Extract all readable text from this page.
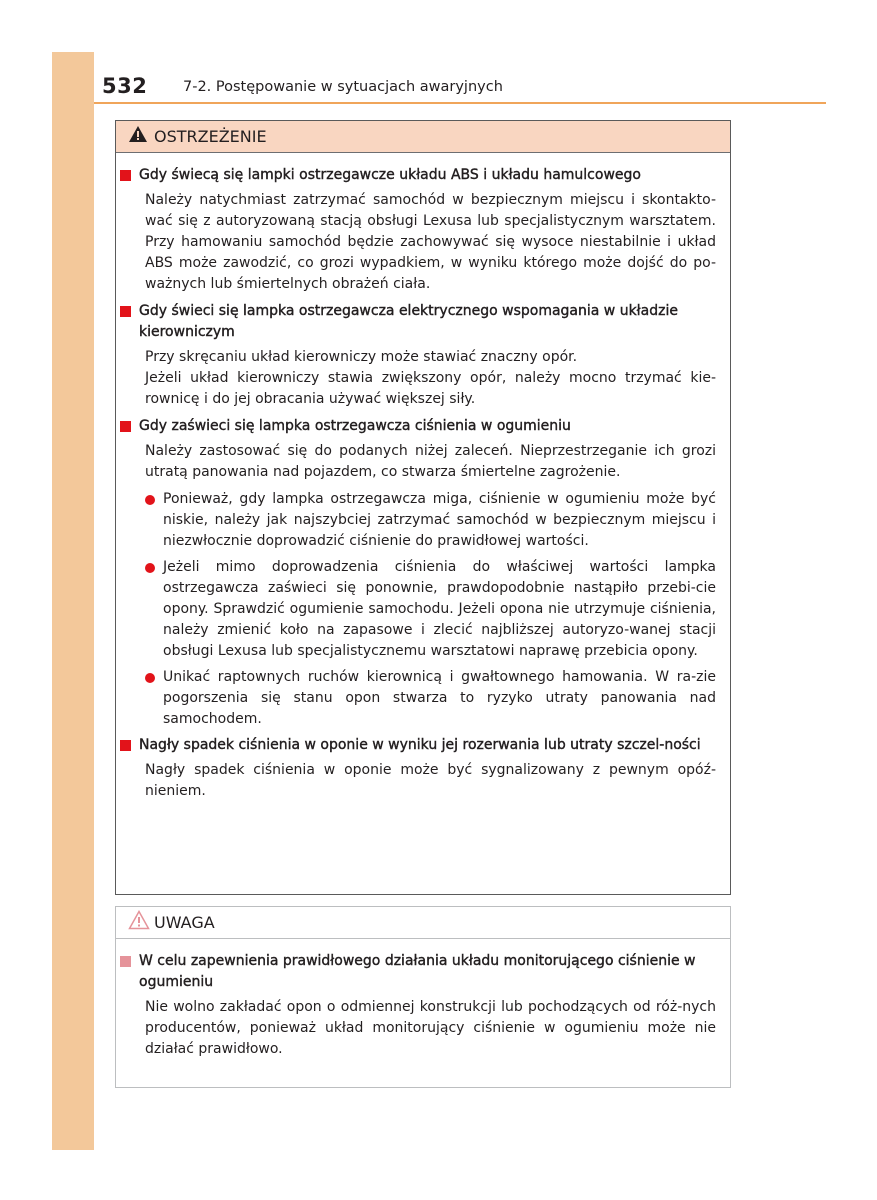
532 7-2. Postępowanie w sytuacjach awaryjnych
OSTRZEŻENIE
Gdy świecą się lampki ostrzegawcze układu ABS i układu hamulcowego
Należy natychmiast zatrzymać samochód w bezpiecznym miejscu i skontakto-wać się z autoryzowaną stacją obsługi Lexusa lub specjalistycznym warsztatem. Przy hamowaniu samochód będzie zachowywać się wysoce niestabilnie i układ ABS może zawodzić, co grozi wypadkiem, w wyniku którego może dojść do po-ważnych lub śmiertelnych obrażeń ciała.
Gdy świeci się lampka ostrzegawcza elektrycznego wspomagania w układzie kierowniczym
Przy skręcaniu układ kierowniczy może stawiać znaczny opór.
Jeżeli układ kierowniczy stawia zwiększony opór, należy mocno trzymać kie-rownicę i do jej obracania używać większej siły.
Gdy zaświeci się lampka ostrzegawcza ciśnienia w ogumieniu
Należy zastosować się do podanych niżej zaleceń. Nieprzestrzeganie ich grozi utratą panowania nad pojazdem, co stwarza śmiertelne zagrożenie.
Ponieważ, gdy lampka ostrzegawcza miga, ciśnienie w ogumieniu może być niskie, należy jak najszybciej zatrzymać samochód w bezpiecznym miejscu i niezwłocznie doprowadzić ciśnienie do prawidłowej wartości.
Jeżeli mimo doprowadzenia ciśnienia do właściwej wartości lampka ostrzegawcza zaświeci się ponownie, prawdopodobnie nastąpiło przebi-cie opony. Sprawdzić ogumienie samochodu. Jeżeli opona nie utrzymuje ciśnienia, należy zmienić koło na zapasowe i zlecić najbliższej autoryzo-wanej stacji obsługi Lexusa lub specjalistycznemu warsztatowi naprawę przebicia opony.
Unikać raptownych ruchów kierownicą i gwałtownego hamowania. W ra-zie pogorszenia się stanu opon stwarza to ryzyko utraty panowania nad samochodem.
Nagły spadek ciśnienia w oponie w wyniku jej rozerwania lub utraty szczel-ności
Nagły spadek ciśnienia w oponie może być sygnalizowany z pewnym opóź-nieniem.
UWAGA
W celu zapewnienia prawidłowego działania układu monitorującego ciśnienie w ogumieniu
Nie wolno zakładać opon o odmiennej konstrukcji lub pochodzących od róż-nych producentów, ponieważ układ monitorujący ciśnienie w ogumieniu może nie działać prawidłowo.
